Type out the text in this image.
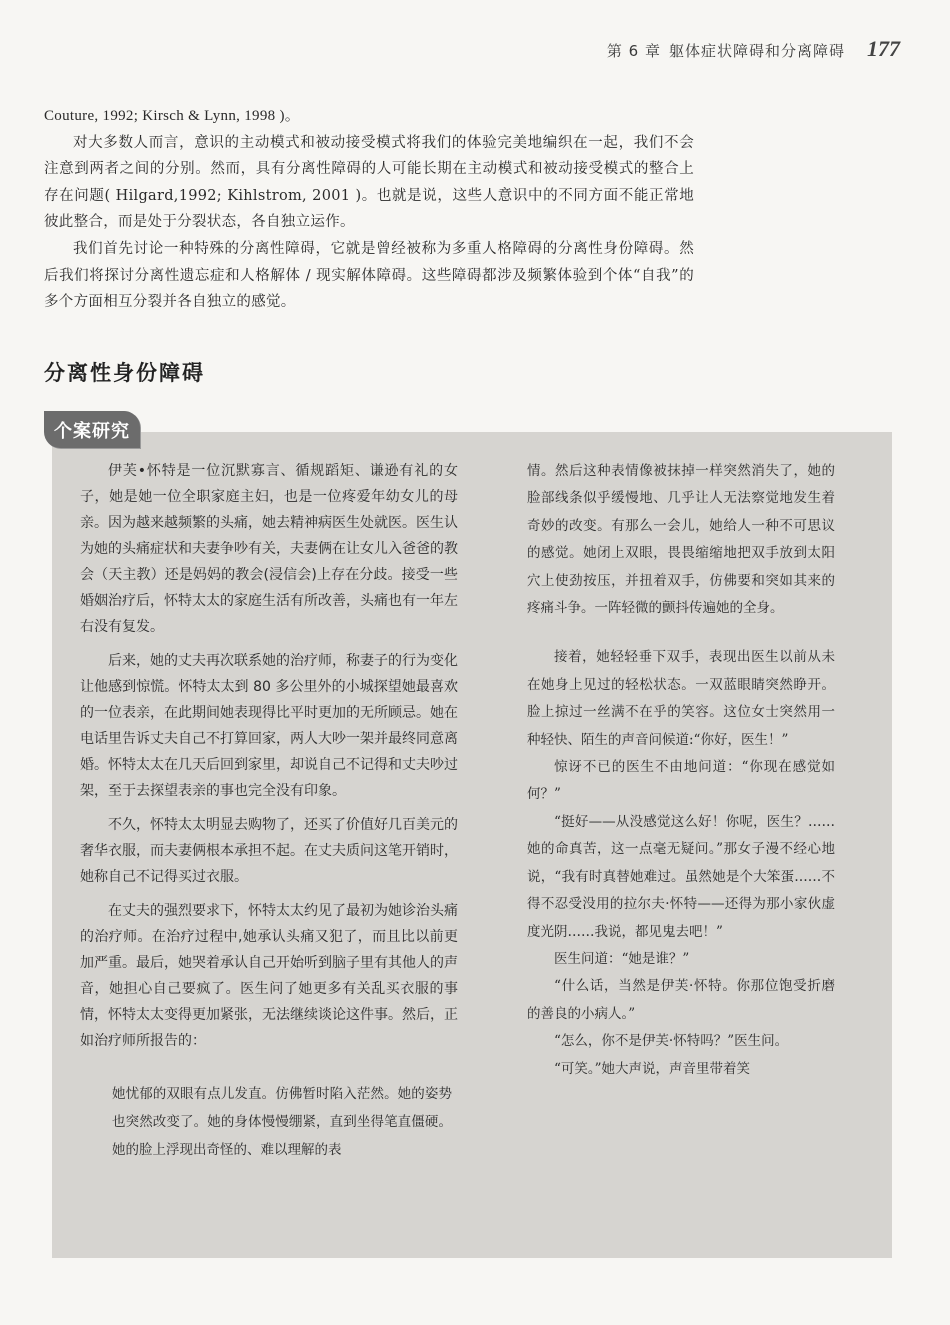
第 6 章 躯体症状障碍和分离障碍 177

Couture, 1992; Kirsch & Lynn, 1998 )。

对大多数人而言，意识的主动模式和被动接受模式将我们的体验完美地编织在一起，我们不会注意到两者之间的分别。然而，具有分离性障碍的人可能长期在主动模式和被动接受模式的整合上存在问题( Hilgard,1992; Kihlstrom, 2001 )。也就是说，这些人意识中的不同方面不能正常地彼此整合，而是处于分裂状态，各自独立运作。

我们首先讨论一种特殊的分离性障碍，它就是曾经被称为多重人格障碍的分离性身份障碍。然后我们将探讨分离性遗忘症和人格解体 / 现实解体障碍。这些障碍都涉及频繁体验到个体“自我”的多个方面相互分裂并各自独立的感觉。

分离性身份障碍
个案研究

伊芙•怀特是一位沉默寡言、循规蹈矩、谦逊有礼的女子，她是她一位全职家庭主妇，也是一位疼爱年幼女儿的母亲。因为越来越频繁的头痛，她去精神病医生处就医。医生认为她的头痛症状和夫妻争吵有关，夫妻俩在让女儿入爸爸的教会（天主教）还是妈妈的教会(浸信会)上存在分歧。接受一些婚姻治疗后，怀特太太的家庭生活有所改善，头痛也有一年左右没有复发。

后来，她的丈夫再次联系她的治疗师，称妻子的行为变化让他感到惊慌。怀特太太到 80 多公里外的小城探望她最喜欢的一位表亲，在此期间她表现得比平时更加的无所顾忌。她在电话里告诉丈夫自己不打算回家，两人大吵一架并最终同意离婚。怀特太太在几天后回到家里，却说自己不记得和丈夫吵过架，至于去探望表亲的事也完全没有印象。

不久，怀特太太明显去购物了，还买了价值好几百美元的奢华衣服，而夫妻俩根本承担不起。在丈夫质问这笔开销时，她称自己不记得买过衣服。

在丈夫的强烈要求下，怀特太太约见了最初为她诊治头痛的治疗师。在治疗过程中,她承认头痛又犯了，而且比以前更加严重。最后，她哭着承认自己开始听到脑子里有其他人的声音，她担心自己要疯了。医生问了她更多有关乱买衣服的事情，怀特太太变得更加紧张，无法继续谈论这件事。然后，正如治疗师所报告的：

她忧郁的双眼有点儿发直。仿佛暂时陷入茫然。她的姿势也突然改变了。她的身体慢慢绷紧，直到坐得笔直僵硬。她的脸上浮现出奇怪的、难以理解的表

情。然后这种表情像被抹掉一样突然消失了，她的脸部线条似乎缓慢地、几乎让人无法察觉地发生着奇妙的改变。有那么一会儿，她给人一种不可思议的感觉。她闭上双眼，畏畏缩缩地把双手放到太阳穴上使劲按压，并扭着双手，仿佛要和突如其来的疼痛斗争。一阵轻微的颤抖传遍她的全身。

接着，她轻轻垂下双手，表现出医生以前从未在她身上见过的轻松状态。一双蓝眼睛突然睁开。脸上掠过一丝满不在乎的笑容。这位女士突然用一种轻快、陌生的声音问候道:“你好，医生！”

惊讶不已的医生不由地问道：“你现在感觉如何？”

“挺好——从没感觉这么好！你呢，医生？……她的命真苦，这一点毫无疑问。”那女子漫不经心地说，“我有时真替她难过。虽然她是个大笨蛋……不得不忍受没用的拉尔夫·怀特——还得为那小家伙虚度光阴……我说，都见鬼去吧！”

医生问道：“她是谁？”

“什么话，当然是伊芙·怀特。你那位饱受折磨的善良的小病人。”

“怎么，你不是伊芙·怀特吗？”医生问。

“可笑。”她大声说，声音里带着笑
